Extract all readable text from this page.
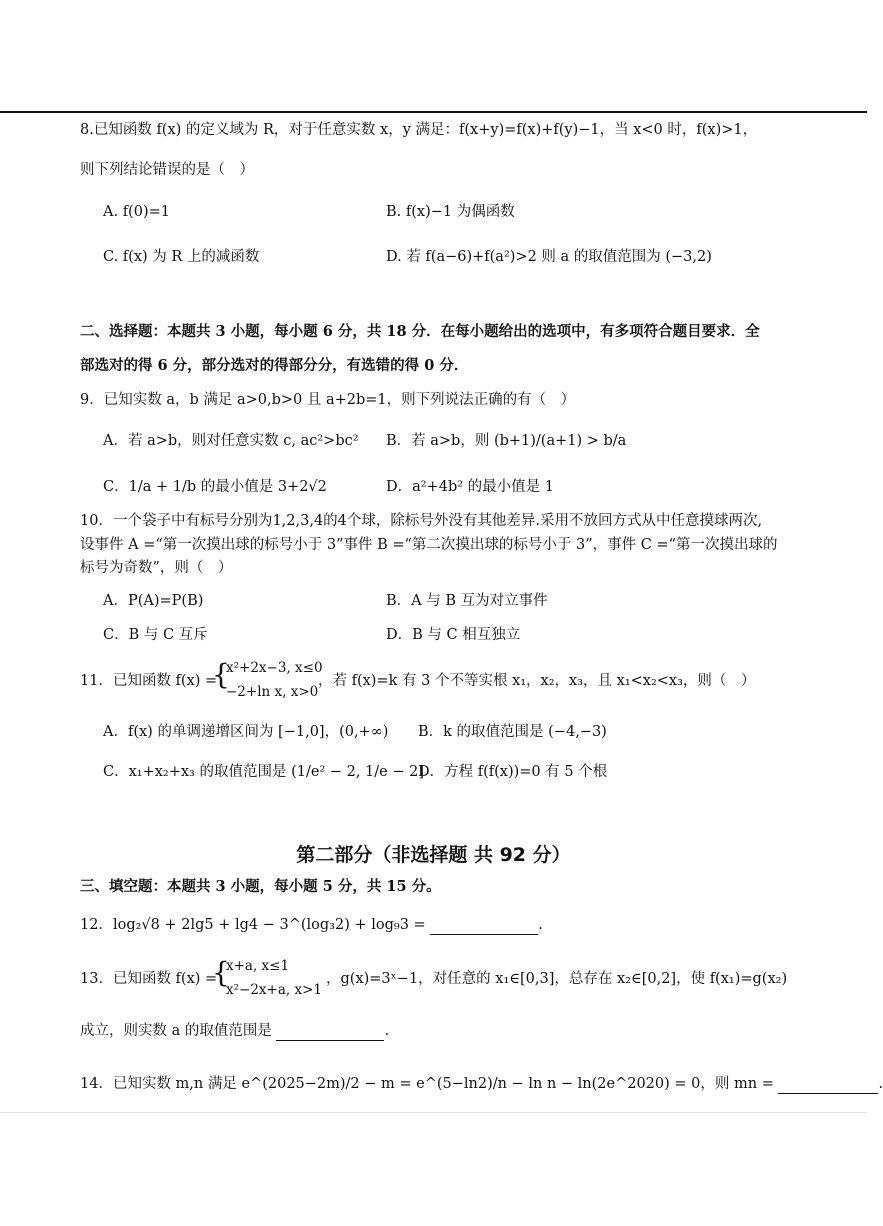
8.已知函数 f(x) 的定义域为 R，对于任意实数 x，y 满足：f(x+y)=f(x)+f(y)−1，当 x<0 时，f(x)>1，
则下列结论错误的是（　）
A. f(0)=1	B. f(x)−1 为偶函数
C. f(x) 为 R 上的减函数	D. 若 f(a−6)+f(a²)>2 则 a 的取值范围为 (−3,2)
二、选择题：本题共 3 小题，每小题 6 分，共 18 分．在每小题给出的选项中，有多项符合题目要求．全
部选对的得 6 分，部分选对的得部分分，有选错的得 0 分．
9．已知实数 a，b 满足 a>0,b>0 且 a+2b=1，则下列说法正确的有（　）
A．若 a>b，则对任意实数 c, ac²>bc² B．若 a>b，则 (b+1)/(a+1) > b/a
C．1/a + 1/b 的最小值是 3+2√2	D．a²+4b² 的最小值是 1
10．一个袋子中有标号分别为1,2,3,4的4个球，除标号外没有其他差异.采用不放回方式从中任意摸球两次,
设事件 A =“第一次摸出球的标号小于 3”事件 B =“第二次摸出球的标号小于 3”，事件 C =“第一次摸出球的
标号为奇数”，则（　）
A．P(A)=P(B)	B．A 与 B 互为对立事件
C．B 与 C 互斥	D．B 与 C 相互独立
11．已知函数 f(x) =
{
x²+2x−3, x≤0
−2+ln x, x>0
，若 f(x)=k 有 3 个不等实根 x₁，x₂，x₃，且 x₁<x₂<x₃，则（　）
A．f(x) 的单调递增区间为 [−1,0]，(0,+∞) B．k 的取值范围是 (−4,−3)
C．x₁+x₂+x₃ 的取值范围是 (1/e² − 2, 1/e − 2]
D．方程 f(f(x))=0 有 5 个根
第二部分（非选择题 共 92 分）
三、填空题：本题共 3 小题，每小题 5 分，共 15 分。
12．log₂√8 + 2lg5 + lg4 − 3^(log₃2) + log₉3 =	.
13．已知函数 f(x) =
{
x+a, x≤1
x²−2x+a, x>1
，g(x)=3ˣ−1，对任意的 x₁∈[0,3]，总存在 x₂∈[0,2]，使 f(x₁)=g(x₂)
成立，则实数 a 的取值范围是	.
14．已知实数 m,n 满足 e^(2025−2m)/2 − m = e^(5−ln2)/n − ln n − ln(2e^2020) = 0，则 mn =	.
